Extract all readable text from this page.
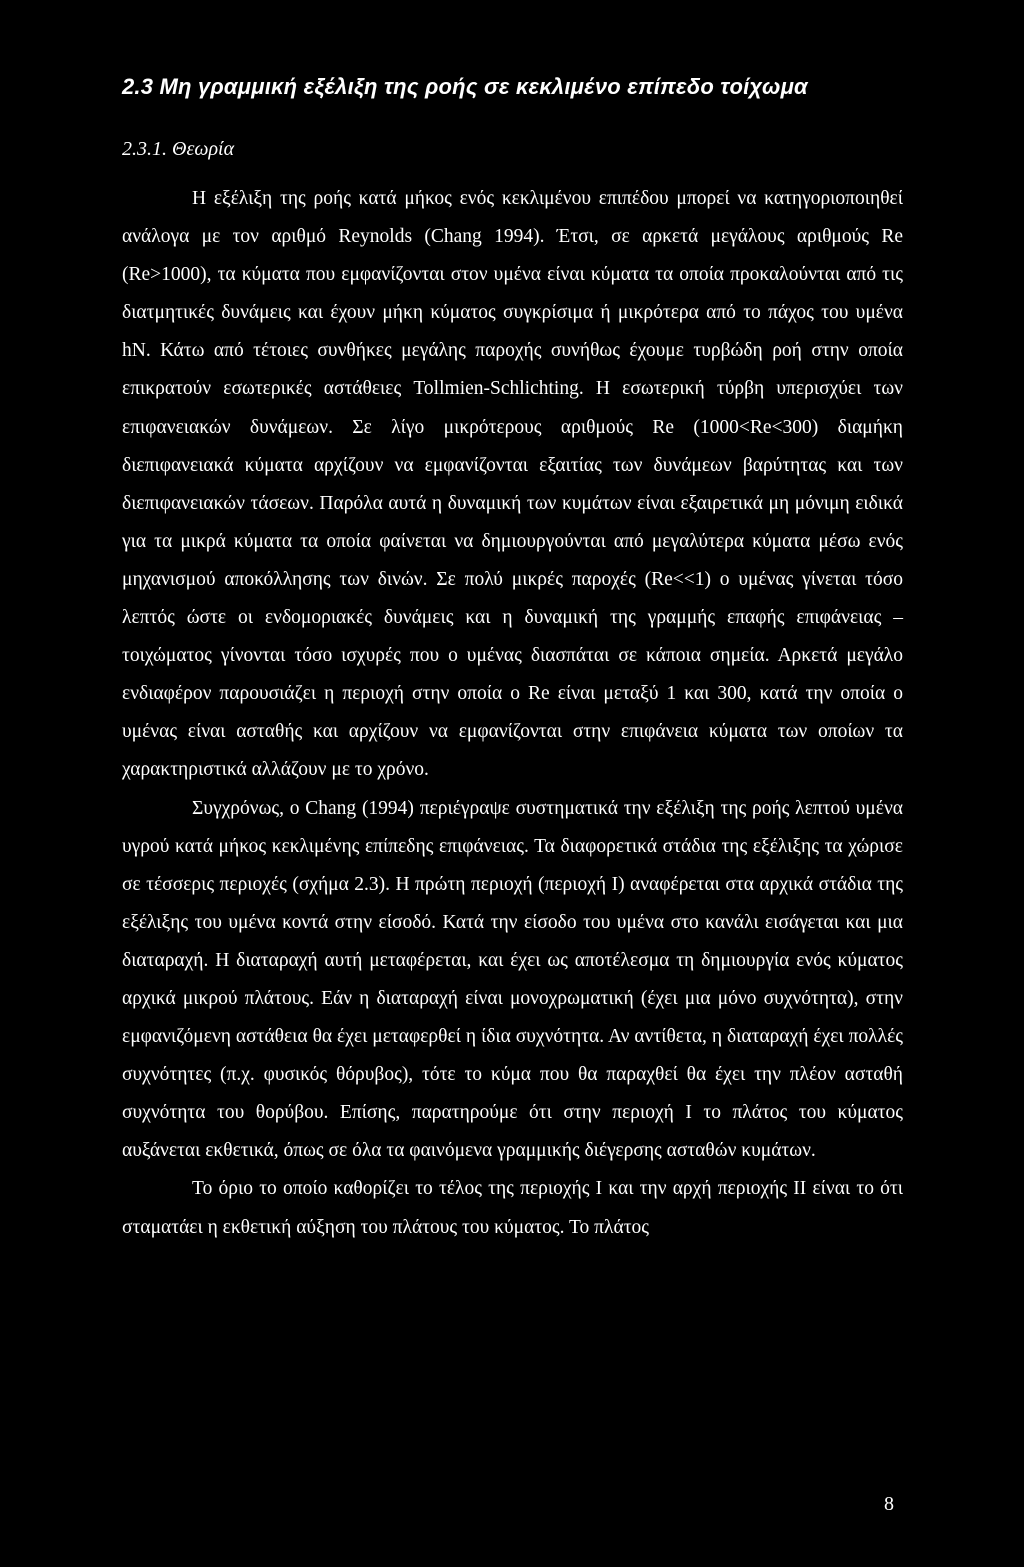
2.3 Μη γραμμική εξέλιξη της ροής σε κεκλιμένο επίπεδο τοίχωμα
2.3.1. Θεωρία

Η εξέλιξη της ροής κατά μήκος ενός κεκλιμένου επιπέδου μπορεί να κατηγοριοποιηθεί ανάλογα με τον αριθμό Reynolds (Chang 1994). Έτσι, σε αρκετά μεγάλους αριθμούς Re (Re>1000), τα κύματα που εμφανίζονται στον υμένα είναι κύματα τα οποία προκαλούνται από τις διατμητικές δυνάμεις και έχουν μήκη κύματος συγκρίσιμα ή μικρότερα από το πάχος του υμένα hN. Κάτω από τέτοιες συνθήκες μεγάλης παροχής συνήθως έχουμε τυρβώδη ροή στην οποία επικρατούν εσωτερικές αστάθειες Tollmien-Schlichting. Η εσωτερική τύρβη υπερισχύει των επιφανειακών δυνάμεων. Σε λίγο μικρότερους αριθμούς Re (1000<Re<300) διαμήκη διεπιφανειακά κύματα αρχίζουν να εμφανίζονται εξαιτίας των δυνάμεων βαρύτητας και των διεπιφανειακών τάσεων. Παρόλα αυτά η δυναμική των κυμάτων είναι εξαιρετικά μη μόνιμη ειδικά για τα μικρά κύματα τα οποία φαίνεται να δημιουργούνται από μεγαλύτερα κύματα μέσω ενός μηχανισμού αποκόλλησης των δινών. Σε πολύ μικρές παροχές (Re<<1) ο υμένας γίνεται τόσο λεπτός ώστε οι ενδομοριακές δυνάμεις και η δυναμική της γραμμής επαφής επιφάνειας – τοιχώματος γίνονται τόσο ισχυρές που ο υμένας διασπάται σε κάποια σημεία. Αρκετά μεγάλο ενδιαφέρον παρουσιάζει η περιοχή στην οποία ο Re είναι μεταξύ 1 και 300, κατά την οποία ο υμένας είναι ασταθής και αρχίζουν να εμφανίζονται στην επιφάνεια κύματα των οποίων τα χαρακτηριστικά αλλάζουν με το χρόνο.

Συγχρόνως, ο Chang (1994) περιέγραψε συστηματικά την εξέλιξη της ροής λεπτού υμένα υγρού κατά μήκος κεκλιμένης επίπεδης επιφάνειας. Τα διαφορετικά στάδια της εξέλιξης τα χώρισε σε τέσσερις περιοχές (σχήμα 2.3). Η πρώτη περιοχή (περιοχή I) αναφέρεται στα αρχικά στάδια της εξέλιξης του υμένα κοντά στην είσοδό. Κατά την είσοδο του υμένα στο κανάλι εισάγεται και μια διαταραχή. Η διαταραχή αυτή μεταφέρεται, και έχει ως αποτέλεσμα τη δημιουργία ενός κύματος αρχικά μικρού πλάτους. Εάν η διαταραχή είναι μονοχρωματική (έχει μια μόνο συχνότητα), στην εμφανιζόμενη αστάθεια θα έχει μεταφερθεί η ίδια συχνότητα. Αν αντίθετα, η διαταραχή έχει πολλές συχνότητες (π.χ. φυσικός θόρυβος), τότε το κύμα που θα παραχθεί θα έχει την πλέον ασταθή συχνότητα του θορύβου. Επίσης, παρατηρούμε ότι στην περιοχή I το πλάτος του κύματος αυξάνεται εκθετικά, όπως σε όλα τα φαινόμενα γραμμικής διέγερσης ασταθών κυμάτων.

Το όριο το οποίο καθορίζει το τέλος της περιοχής I και την αρχή περιοχής II είναι το ότι σταματάει η εκθετική αύξηση του πλάτους του κύματος. Το πλάτος

8
